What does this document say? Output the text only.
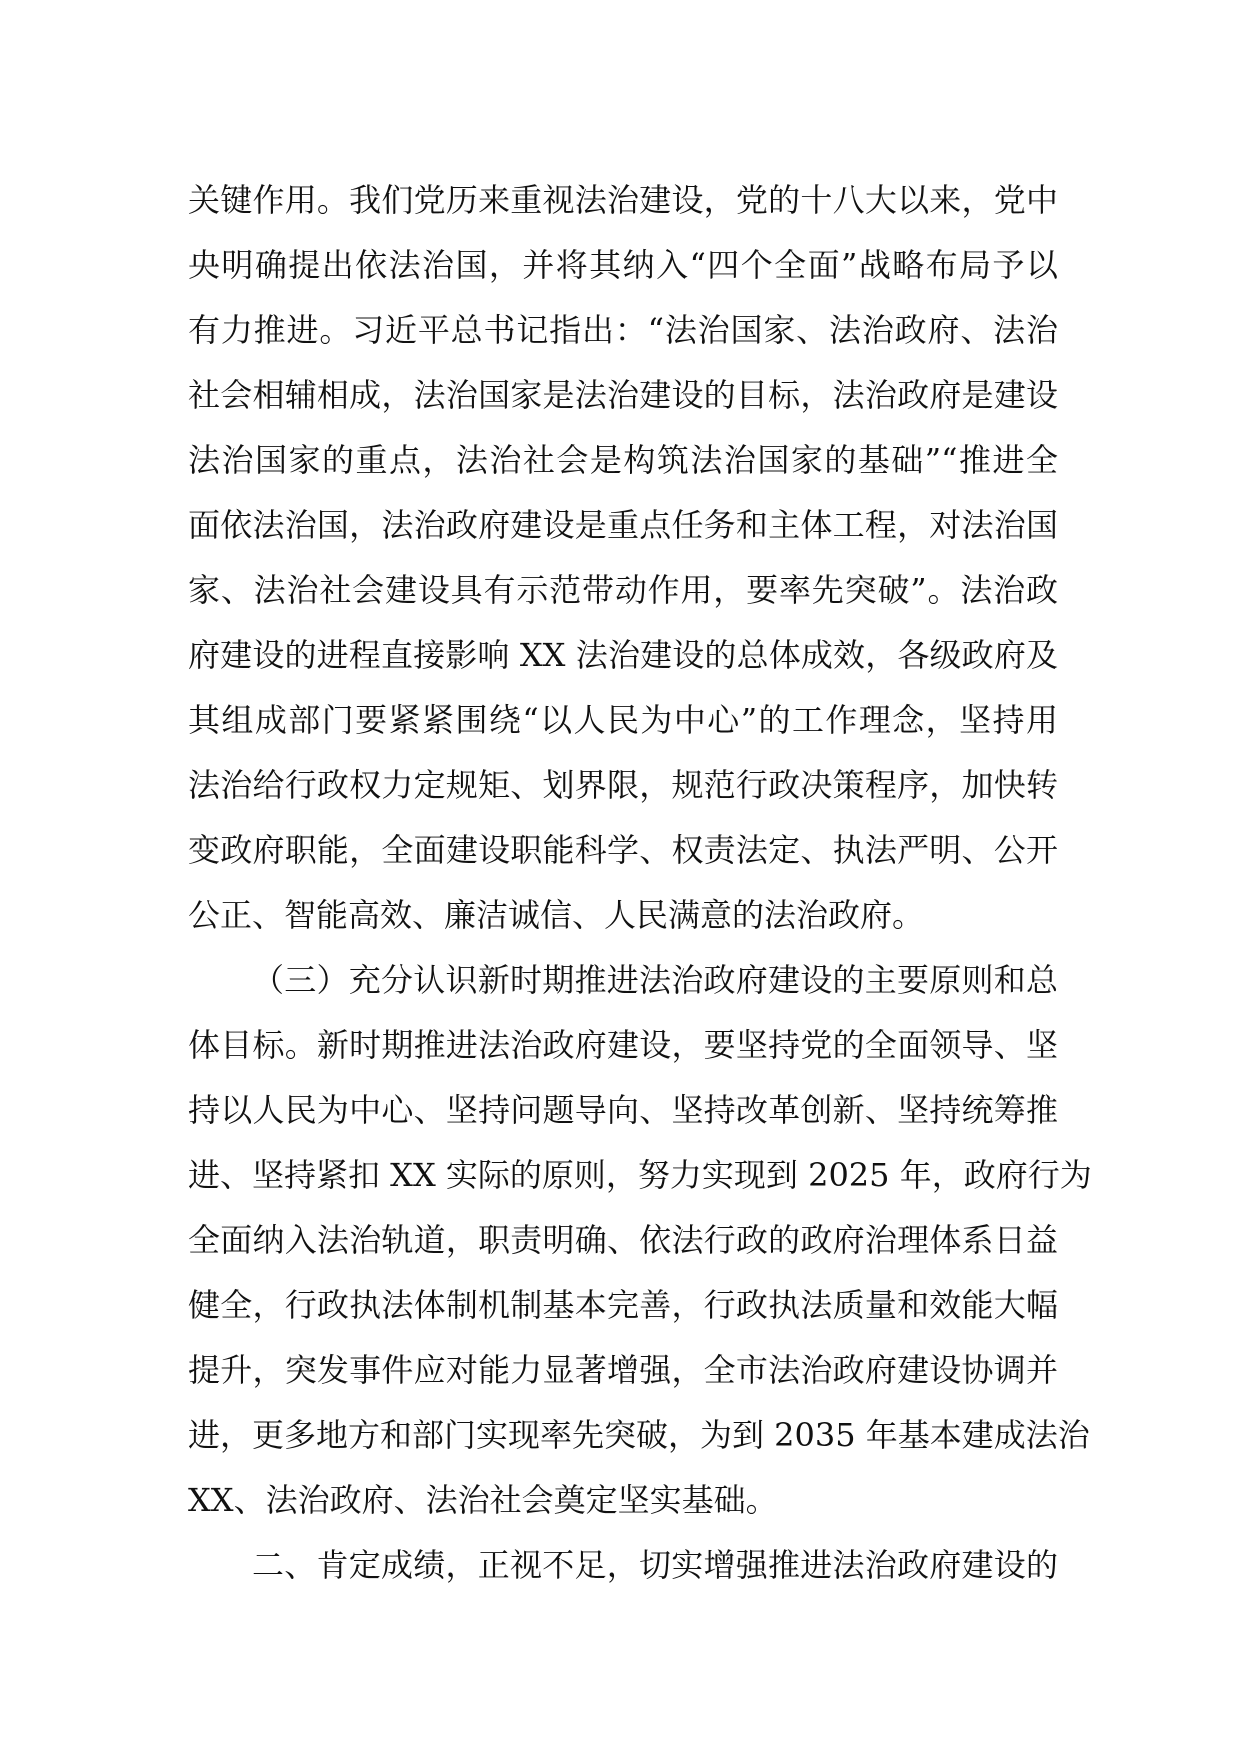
关键作用。我们党历来重视法治建设，党的十八大以来，党中
央明确提出依法治国，并将其纳入“四个全面”战略布局予以
有力推进。习近平总书记指出：“法治国家、法治政府、法治
社会相辅相成，法治国家是法治建设的目标，法治政府是建设
法治国家的重点，法治社会是构筑法治国家的基础”“推进全
面依法治国，法治政府建设是重点任务和主体工程，对法治国
家、法治社会建设具有示范带动作用，要率先突破”。法治政
府建设的进程直接影响 XX 法治建设的总体成效，各级政府及
其组成部门要紧紧围绕“以人民为中心”的工作理念，坚持用
法治给行政权力定规矩、划界限，规范行政决策程序，加快转
变政府职能，全面建设职能科学、权责法定、执法严明、公开
公正、智能高效、廉洁诚信、人民满意的法治政府。
（三）充分认识新时期推进法治政府建设的主要原则和总
体目标。新时期推进法治政府建设，要坚持党的全面领导、坚
持以人民为中心、坚持问题导向、坚持改革创新、坚持统筹推
进、坚持紧扣 XX 实际的原则，努力实现到 2025 年，政府行为
全面纳入法治轨道，职责明确、依法行政的政府治理体系日益
健全，行政执法体制机制基本完善，行政执法质量和效能大幅
提升，突发事件应对能力显著增强，全市法治政府建设协调并
进，更多地方和部门实现率先突破，为到 2035 年基本建成法治
XX、法治政府、法治社会奠定坚实基础。
二、肯定成绩，正视不足，切实增强推进法治政府建设的
